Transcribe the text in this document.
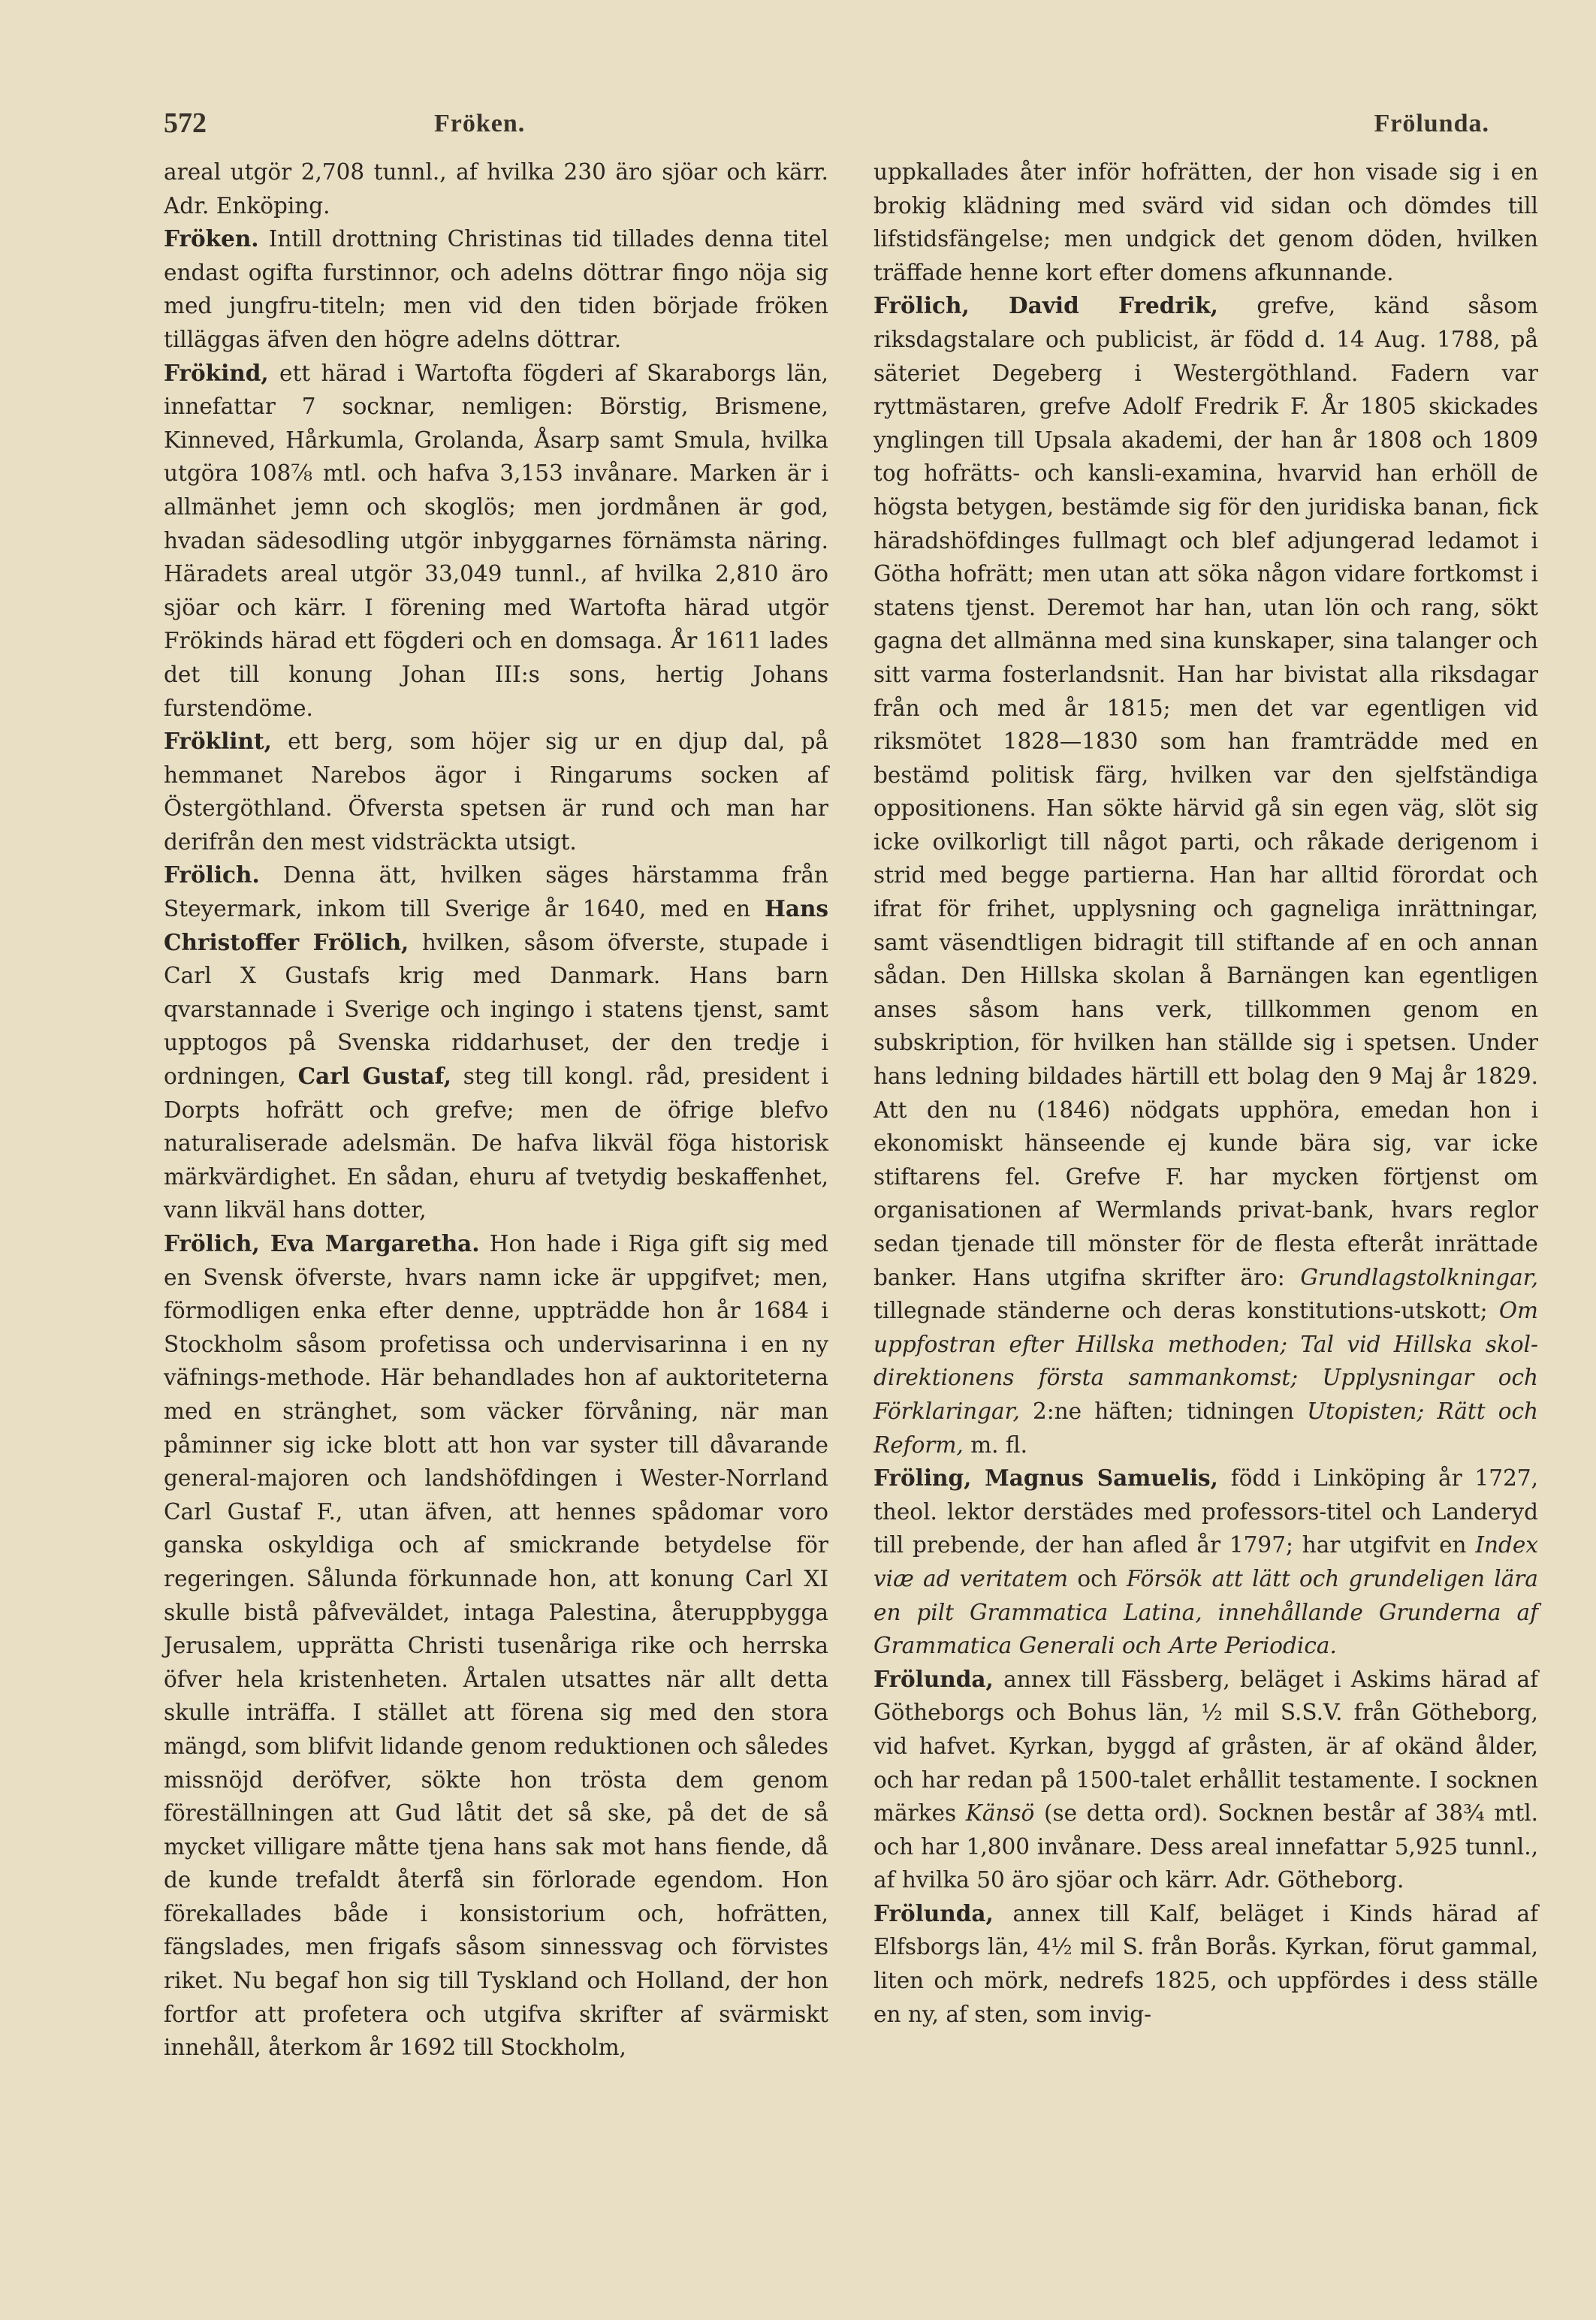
572	Fröken.	Frölunda.

areal utgör 2,708 tunnl., af hvilka 230 äro sjöar och kärr. Adr. Enköping.

Fröken. Intill drottning Christinas tid tillades denna titel endast ogifta furstinnor, och adelns döttrar fingo nöja sig med jungfru-titeln; men vid den tiden började fröken tilläggas äfven den högre adelns döttrar.

Frökind, ett härad i Wartofta fögderi af Skaraborgs län, innefattar 7 socknar, nemligen: Börstig, Brismene, Kinneved, Hårkumla, Grolanda, Åsarp samt Smula, hvilka utgöra 108⅞ mtl. och hafva 3,153 invånare. Marken är i allmänhet jemn och skoglös; men jordmånen är god, hvadan sädesodling utgör inbyggarnes förnämsta näring. Häradets areal utgör 33,049 tunnl., af hvilka 2,810 äro sjöar och kärr. I förening med Wartofta härad utgör Frökinds härad ett fögderi och en domsaga. År 1611 lades det till konung Johan III:s sons, hertig Johans furstendöme.

Fröklint, ett berg, som höjer sig ur en djup dal, på hemmanet Narebos ägor i Ringarums socken af Östergöthland. Öfversta spetsen är rund och man har derifrån den mest vidsträckta utsigt.

Frölich. Denna ätt, hvilken säges härstamma från Steyermark, inkom till Sverige år 1640, med en Hans Christoffer Frölich, hvilken, såsom öfverste, stupade i Carl X Gustafs krig med Danmark. Hans barn qvarstannade i Sverige och ingingo i statens tjenst, samt upptogos på Svenska riddarhuset, der den tredje i ordningen, Carl Gustaf, steg till kongl. råd, president i Dorpts hofrätt och grefve; men de öfrige blefvo naturaliserade adelsmän. De hafva likväl föga historisk märkvärdighet. En sådan, ehuru af tvetydig beskaffenhet, vann likväl hans dotter,

Frölich, Eva Margaretha. Hon hade i Riga gift sig med en Svensk öfverste, hvars namn icke är uppgifvet; men, förmodligen enka efter denne, uppträdde hon år 1684 i Stockholm såsom profetissa och undervisarinna i en ny väfnings-methode. Här behandlades hon af auktoriteterna med en stränghet, som väcker förvåning, när man påminner sig icke blott att hon var syster till dåvarande general-majoren och landshöfdingen i Wester-Norrland Carl Gustaf F., utan äfven, att hennes spådomar voro ganska oskyldiga och af smickrande betydelse för regeringen. Sålunda förkunnade hon, att konung Carl XI skulle bistå påfveväldet, intaga Palestina, återuppbygga Jerusalem, upprätta Christi tusenåriga rike och herrska öfver hela kristenheten. Årtalen utsattes när allt detta skulle inträffa. I stället att förena sig med den stora mängd, som blifvit lidande genom reduktionen och således missnöjd deröfver, sökte hon trösta dem genom föreställningen att Gud låtit det så ske, på det de så mycket villigare måtte tjena hans sak mot hans fiende, då de kunde trefaldt återfå sin förlorade egendom. Hon förekallades både i konsistorium och, hofrätten, fängslades, men frigafs såsom sinnessvag och förvistes riket. Nu begaf hon sig till Tyskland och Holland, der hon fortfor att profetera och utgifva skrifter af svärmiskt innehåll, återkom år 1692 till Stockholm,

uppkallades åter inför hofrätten, der hon visade sig i en brokig klädning med svärd vid sidan och dömdes till lifstidsfängelse; men undgick det genom döden, hvilken träffade henne kort efter domens afkunnande.

Frölich, David Fredrik, grefve, känd såsom riksdagstalare och publicist, är född d. 14 Aug. 1788, på säteriet Degeberg i Westergöthland. Fadern var ryttmästaren, grefve Adolf Fredrik F. År 1805 skickades ynglingen till Upsala akademi, der han år 1808 och 1809 tog hofrätts- och kansli-examina, hvarvid han erhöll de högsta betygen, bestämde sig för den juridiska banan, fick häradshöfdinges fullmagt och blef adjungerad ledamot i Götha hofrätt; men utan att söka någon vidare fortkomst i statens tjenst. Deremot har han, utan lön och rang, sökt gagna det allmänna med sina kunskaper, sina talanger och sitt varma fosterlandsnit. Han har bivistat alla riksdagar från och med år 1815; men det var egentligen vid riksmötet 1828—1830 som han framträdde med en bestämd politisk färg, hvilken var den sjelfständiga oppositionens. Han sökte härvid gå sin egen väg, slöt sig icke ovilkorligt till något parti, och råkade derigenom i strid med begge partierna. Han har alltid förordat och ifrat för frihet, upplysning och gagneliga inrättningar, samt väsendtligen bidragit till stiftande af en och annan sådan. Den Hillska skolan å Barnängen kan egentligen anses såsom hans verk, tillkommen genom en subskription, för hvilken han ställde sig i spetsen. Under hans ledning bildades härtill ett bolag den 9 Maj år 1829. Att den nu (1846) nödgats upphöra, emedan hon i ekonomiskt hänseende ej kunde bära sig, var icke stiftarens fel. Grefve F. har mycken förtjenst om organisationen af Wermlands privat-bank, hvars reglor sedan tjenade till mönster för de flesta efteråt inrättade banker. Hans utgifna skrifter äro: Grundlagstolkningar, tillegnade ständerne och deras konstitutions-utskott; Om uppfostran efter Hillska methoden; Tal vid Hillska skol-direktionens första sammankomst; Upplysningar och Förklaringar, 2:ne häften; tidningen Utopisten; Rätt och Reform, m. fl.

Fröling, Magnus Samuelis, född i Linköping år 1727, theol. lektor derstädes med professors-titel och Landeryd till prebende, der han afled år 1797; har utgifvit en Index viæ ad veritatem och Försök att lätt och grundeligen lära en pilt Grammatica Latina, innehållande Grunderna af Grammatica Generali och Arte Periodica.

Frölunda, annex till Fässberg, beläget i Askims härad af Götheborgs och Bohus län, ½ mil S.S.V. från Götheborg, vid hafvet. Kyrkan, byggd af gråsten, är af okänd ålder, och har redan på 1500-talet erhållit testamente. I socknen märkes Känsö (se detta ord). Socknen består af 38¾ mtl. och har 1,800 invånare. Dess areal innefattar 5,925 tunnl., af hvilka 50 äro sjöar och kärr. Adr. Götheborg.

Frölunda, annex till Kalf, beläget i Kinds härad af Elfsborgs län, 4½ mil S. från Borås. Kyrkan, förut gammal, liten och mörk, nedrefs 1825, och uppfördes i dess ställe en ny, af sten, som invig-
